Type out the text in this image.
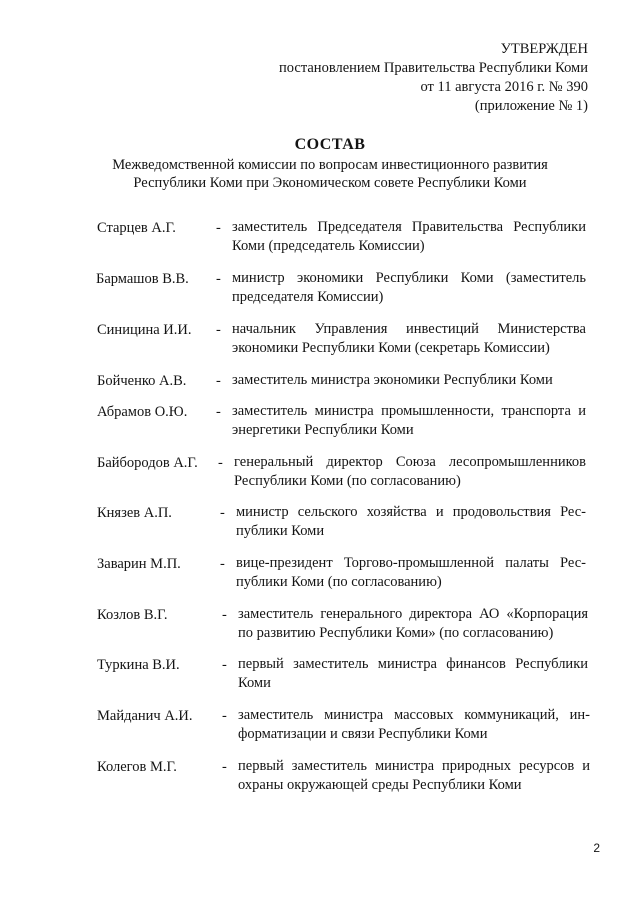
УТВЕРЖДЕН
постановлением Правительства Республики Коми
от 11 августа 2016 г. № 390
(приложение № 1)
СОСТАВ
Межведомственной комиссии по вопросам инвестиционного развития
Республики Коми при Экономическом совете Республики Коми
Старцев А.Г.	- заместитель Председателя Правительства Республики Коми (председатель Комиссии)
Бармашов В.В. - министр экономики Республики Коми (заместитель председателя Комиссии)
Синицина И.И. - начальник Управления инвестиций Министерства экономики Республики Коми (секретарь Комиссии)
Бойченко А.В. - заместитель министра экономики Республики Коми
Абрамов О.Ю. - заместитель министра промышленности, транспорта и энергетики Республики Коми
Байбородов А.Г. - генеральный директор Союза лесопромышленников Республики Коми (по согласованию)
Князев А.П.	- министр сельского хозяйства и продовольствия Рес-публики Коми
Заварин М.П.	- вице-президент Торгово-промышленной палаты Рес-публики Коми (по согласованию)
Козлов В.Г.	- заместитель генерального директора АО «Корпорация по развитию Республики Коми» (по согласованию)
Туркина В.И.	- первый заместитель министра финансов Республики Коми
Майданич А.И. - заместитель министра массовых коммуникаций, ин-форматизации и связи Республики Коми
Колегов М.Г.	- первый заместитель министра природных ресурсов и охраны окружающей среды Республики Коми
2
